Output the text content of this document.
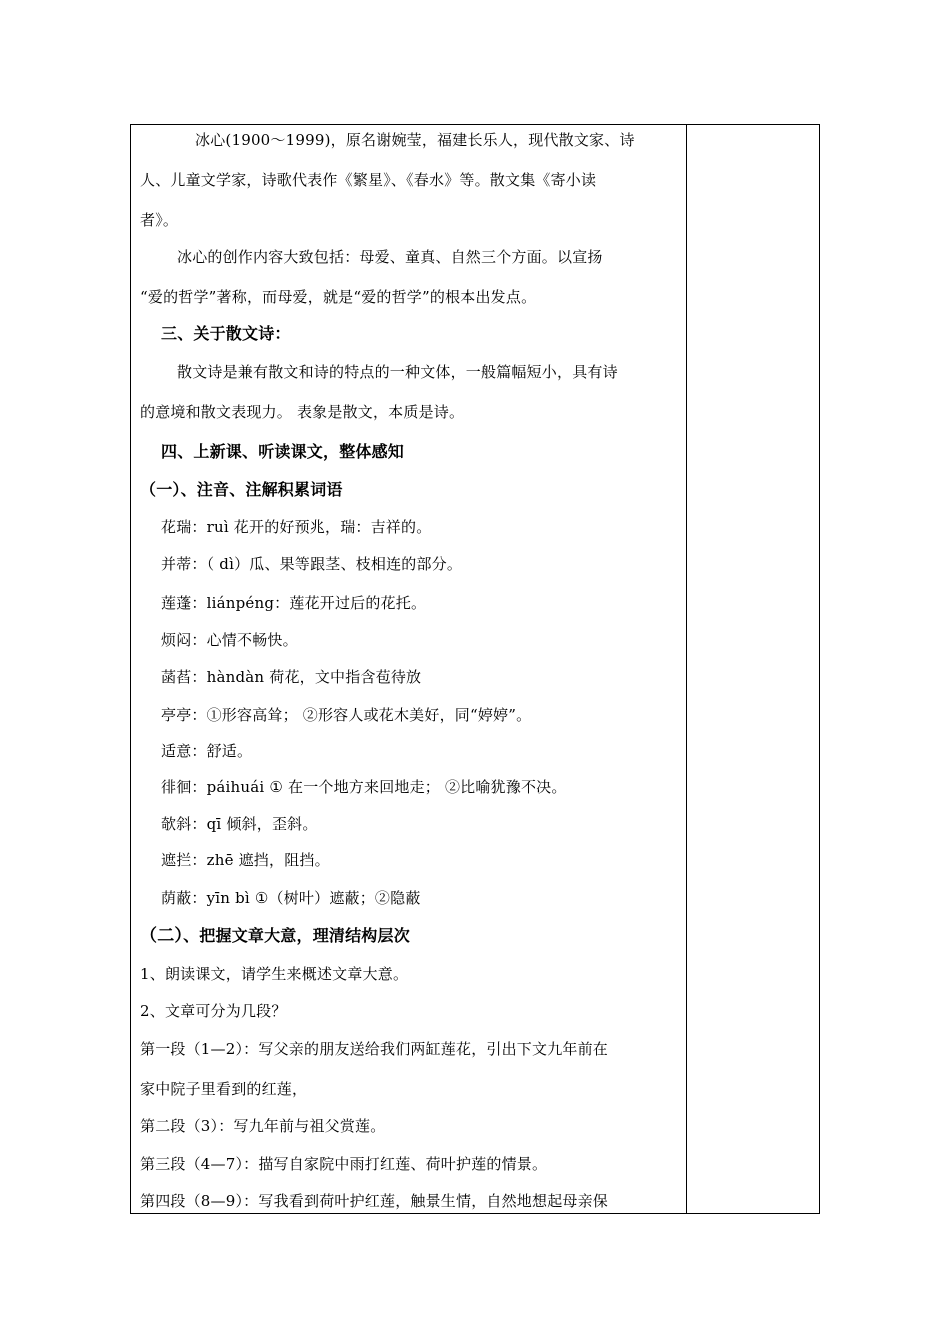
冰心(1900～1999)，原名谢婉莹，福建长乐人，现代散文家、诗
人、儿童文学家，诗歌代表作《繁星》、《春水》等。散文集《寄小读
者》。
冰心的创作内容大致包括：母爱、童真、自然三个方面。以宣扬
“爱的哲学”著称，而母爱，就是“爱的哲学”的根本出发点。
三、关于散文诗：
散文诗是兼有散文和诗的特点的一种文体，一般篇幅短小，具有诗
的意境和散文表现力。 表象是散文，本质是诗。
四、上新课、听读课文，整体感知
（一）、注音、注解积累词语
花瑞：ruì 花开的好预兆，瑞：吉祥的。
并蒂：（ dì）瓜、果等跟茎、枝相连的部分。
莲蓬：liánpéng：莲花开过后的花托。
烦闷：心情不畅快。
菡萏：hàndàn 荷花，文中指含苞待放
亭亭：①形容高耸； ②形容人或花木美好，同“婷婷”。
适意：舒适。
徘徊：páihuái ① 在一个地方来回地走； ②比喻犹豫不决。
欹斜：qī 倾斜，歪斜。
遮拦：zhē 遮挡，阻挡。
荫蔽：yīn bì ①（树叶）遮蔽；②隐蔽
（二）、把握文章大意，理清结构层次
1、朗读课文，请学生来概述文章大意。
2、文章可分为几段？
第一段（1—2）：写父亲的朋友送给我们两缸莲花，引出下文九年前在
家中院子里看到的红莲，
第二段（3）：写九年前与祖父赏莲。
第三段（4—7）：描写自家院中雨打红莲、荷叶护莲的情景。
第四段（8—9）：写我看到荷叶护红莲，触景生情，自然地想起母亲保
